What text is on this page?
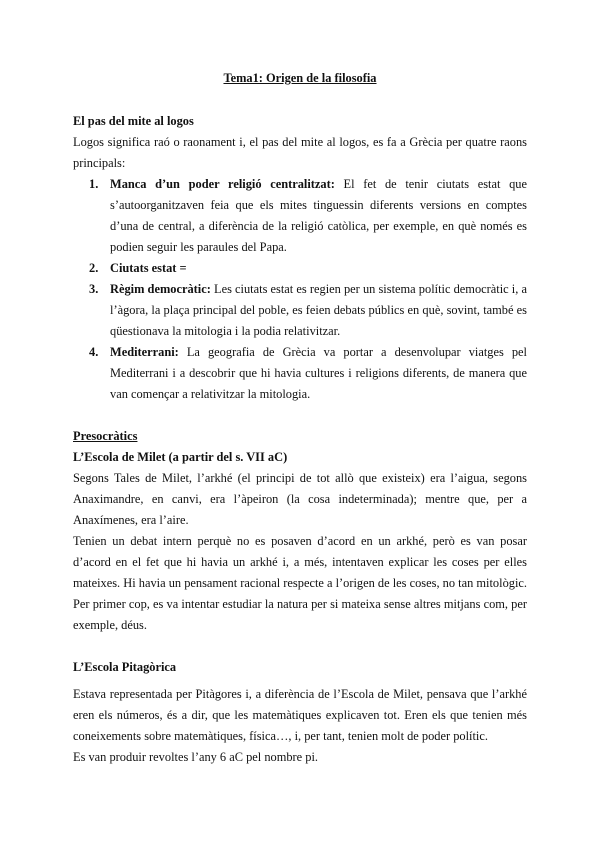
Tema1: Origen de la filosofia
El pas del mite al logos

Logos significa raó o raonament i, el pas del mite al logos, es fa a Grècia per quatre raons principals:

1. Manca d’un poder religió centralitzat: El fet de tenir ciutats estat que s’autoorganitzaven feia que els mites tinguessin diferents versions en comptes d’una de central, a diferència de la religió catòlica, per exemple, en què només es podien seguir les paraules del Papa.
2. Ciutats estat =
3. Règim democràtic: Les ciutats estat es regien per un sistema polític democràtic i, a l’àgora, la plaça principal del poble, es feien debats públics en què, sovint, també es qüestionava la mitologia i la podia relativitzar.
4. Mediterrani: La geografia de Grècia va portar a desenvolupar viatges pel Mediterrani i a descobrir que hi havia cultures i religions diferents, de manera que van començar a relativitzar la mitologia.
Presocràtics
L’Escola de Milet (a partir del s. VII aC)

Segons Tales de Milet, l’arkhé (el principi de tot allò que existeix) era l’aigua, segons Anaximandre, en canvi, era l’àpeiron (la cosa indeterminada); mentre que, per a Anaxímenes, era l’aire.

Tenien un debat intern perquè no es posaven d’acord en un arkhé, però es van posar d’acord en el fet que hi havia un arkhé i, a més, intentaven explicar les coses per elles mateixes. Hi havia un pensament racional respecte a l’origen de les coses, no tan mitològic. Per primer cop, es va intentar estudiar la natura per si mateixa sense altres mitjans com, per exemple, déus.

L’Escola Pitagòrica

Estava representada per Pitàgores i, a diferència de l’Escola de Milet, pensava que l’arkhé eren els números, és a dir, que les matemàtiques explicaven tot. Eren els que tenien més coneixements sobre matemàtiques, física…, i, per tant, tenien molt de poder polític.

Es van produir revoltes l’any 6 aC pel nombre pi.
